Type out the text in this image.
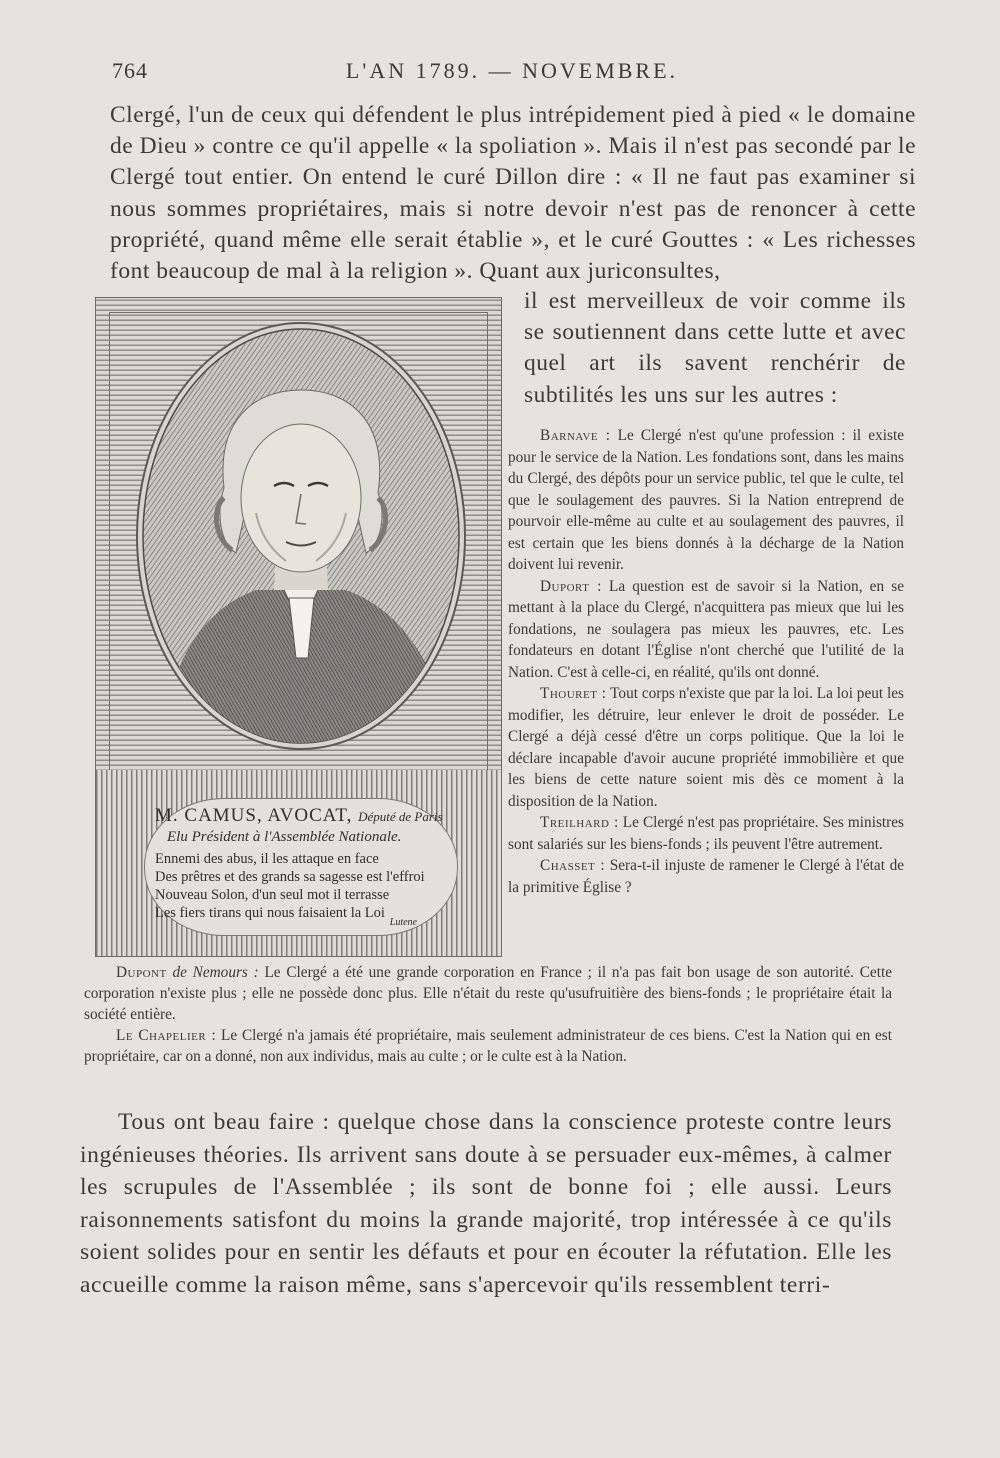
764	L'AN 1789. — NOVEMBRE.

Clergé, l'un de ceux qui défendent le plus intrépidement pied à pied « le domaine de Dieu » contre ce qu'il appelle « la spoliation ». Mais il n'est pas secondé par le Clergé tout entier. On entend le curé Dillon dire : « Il ne faut pas examiner si nous sommes propriétaires, mais si notre devoir n'est pas de renoncer à cette propriété, quand même elle serait établie », et le curé Gouttes : « Les richesses font beaucoup de mal à la religion ». Quant aux juriconsultes,

il est merveilleux de voir comme ils se soutiennent dans cette lutte et avec quel art ils savent renchérir de subtilités les uns sur les autres :

M. CAMUS, AVOCAT, Député de Paris
Elu Président à l'Assemblée Nationale.
Ennemi des abus, il les attaque en face
Des prêtres et des grands sa sagesse est l'effroi
Nouveau Solon, d'un seul mot il terrasse
Les fiers tirans qui nous faisaient la Loi
Lutene

Barnave : Le Clergé n'est qu'une profession : il existe pour le service de la Nation. Les fondations sont, dans les mains du Clergé, des dépôts pour un service public, tel que le culte, tel que le soulagement des pauvres. Si la Nation entreprend de pourvoir elle-même au culte et au soulagement des pauvres, il est certain que les biens donnés à la décharge de la Nation doivent lui revenir.

Duport : La question est de savoir si la Nation, en se mettant à la place du Clergé, n'acquittera pas mieux que lui les fondations, ne soulagera pas mieux les pauvres, etc. Les fondateurs en dotant l'Église n'ont cherché que l'utilité de la Nation. C'est à celle-ci, en réalité, qu'ils ont donné.

Thouret : Tout corps n'existe que par la loi. La loi peut les modifier, les détruire, leur enlever le droit de posséder. Le Clergé a déjà cessé d'être un corps politique. Que la loi le déclare incapable d'avoir aucune propriété immobilière et que les biens de cette nature soient mis dès ce moment à la disposition de la Nation.

Treilhard : Le Clergé n'est pas propriétaire. Ses ministres sont salariés sur les biens-fonds ; ils peuvent l'être autrement.

Chasset : Sera-t-il injuste de ramener le Clergé à l'état de la primitive Église ?

Dupont de Nemours : Le Clergé a été une grande corporation en France ; il n'a pas fait bon usage de son autorité. Cette corporation n'existe plus ; elle ne possède donc plus. Elle n'était du reste qu'usufruitière des biens-fonds ; le propriétaire était la société entière.

Le Chapelier : Le Clergé n'a jamais été propriétaire, mais seulement administrateur de ces biens. C'est la Nation qui en est propriétaire, car on a donné, non aux individus, mais au culte ; or le culte est à la Nation.

Tous ont beau faire : quelque chose dans la conscience proteste contre leurs ingénieuses théories. Ils arrivent sans doute à se persuader eux-mêmes, à calmer les scrupules de l'Assemblée ; ils sont de bonne foi ; elle aussi. Leurs raisonnements satisfont du moins la grande majorité, trop intéressée à ce qu'ils soient solides pour en sentir les défauts et pour en écouter la réfutation. Elle les accueille comme la raison même, sans s'apercevoir qu'ils ressemblent terri-
